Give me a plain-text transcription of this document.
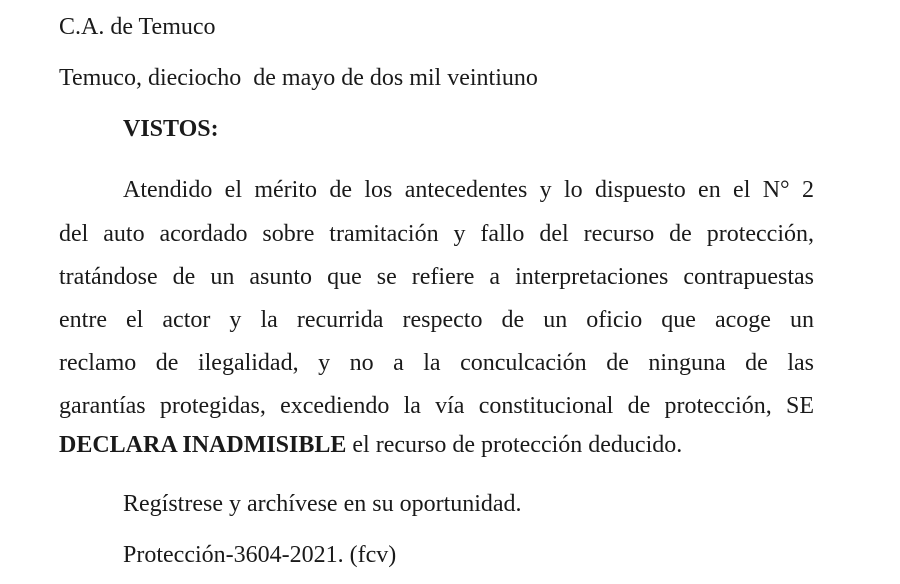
C.A. de Temuco
Temuco, dieciocho  de mayo de dos mil veintiuno
VISTOS:
Atendido el mérito de los antecedentes y lo dispuesto en el N° 2
del auto acordado sobre tramitación y fallo del recurso de protección,
tratándose de un asunto que se refiere a interpretaciones contrapuestas
entre el actor y la recurrida respecto de un oficio que acoge un
reclamo de ilegalidad, y no a la conculcación de ninguna de las
garantías protegidas, excediendo la vía constitucional de protección, SE
DECLARA INADMISIBLE el recurso de protección deducido.
Regístrese y archívese en su oportunidad.
Protección-3604-2021. (fcv)
